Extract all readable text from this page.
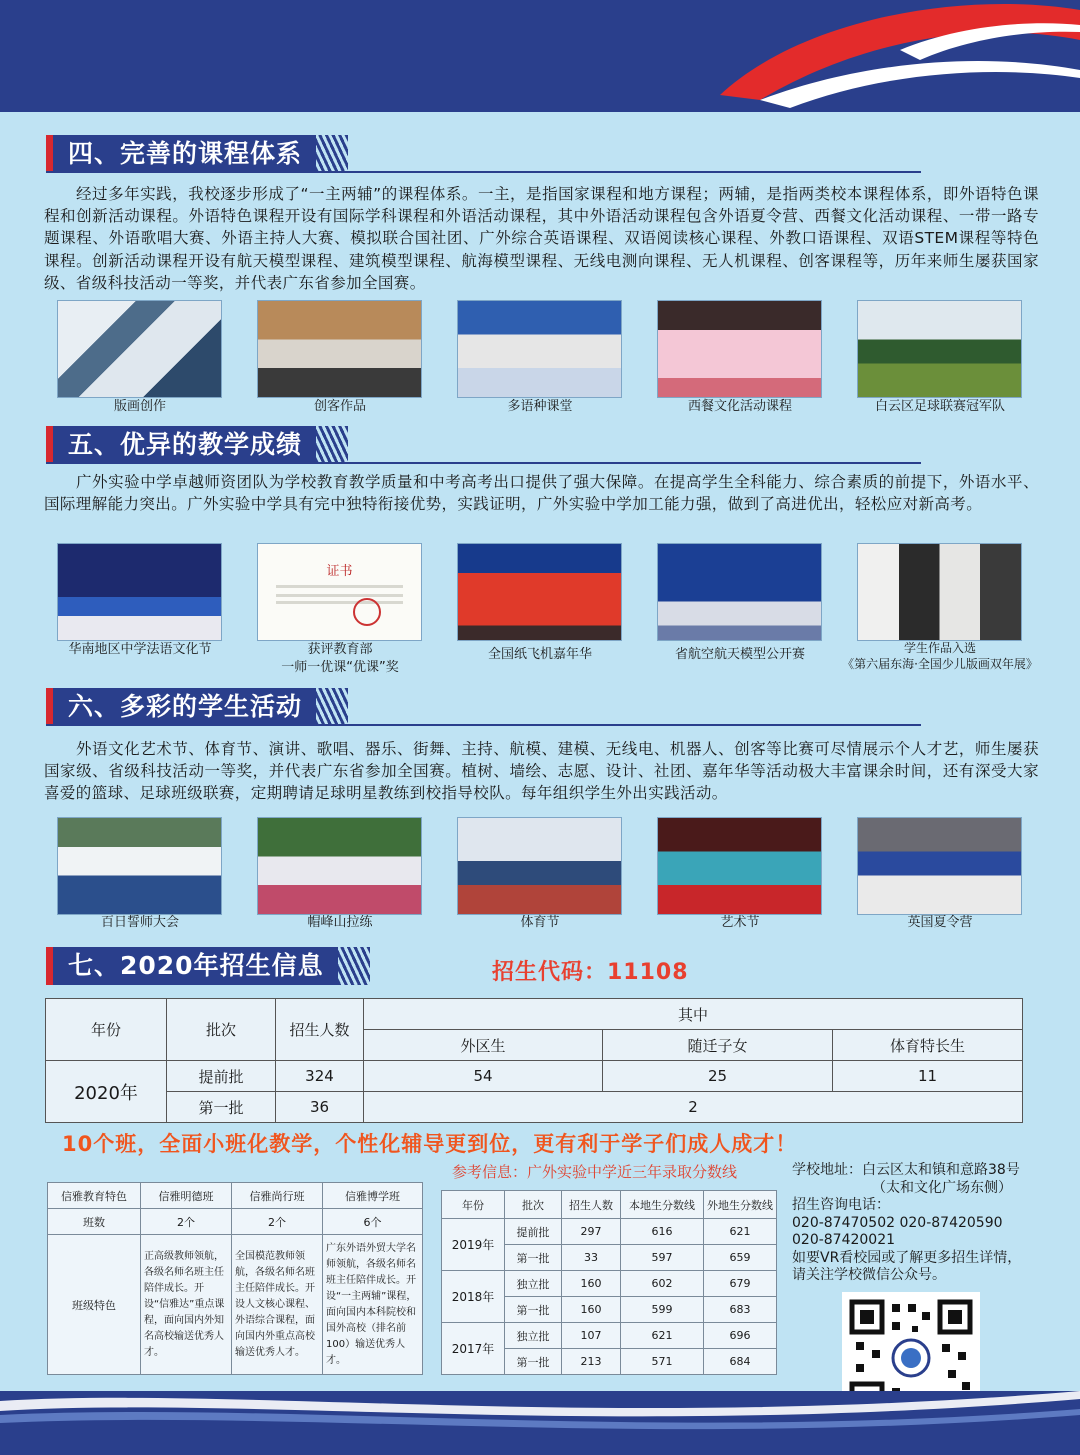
四、完善的课程体系

经过多年实践，我校逐步形成了“一主两辅”的课程体系。一主，是指国家课程和地方课程；两辅，是指两类校本课程体系，即外语特色课程和创新活动课程。外语特色课程开设有国际学科课程和外语活动课程，其中外语活动课程包含外语夏令营、西餐文化活动课程、一带一路专题课程、外语歌唱大赛、外语主持人大赛、模拟联合国社团、广外综合英语课程、双语阅读核心课程、外教口语课程、双语STEM课程等特色课程。创新活动课程开设有航天模型课程、建筑模型课程、航海模型课程、无线电测向课程、无人机课程、创客课程等，历年来师生屡获国家级、省级科技活动一等奖，并代表广东省参加全国赛。

版画创作	创客作品	多语种课堂	西餐文化活动课程	白云区足球联赛冠军队

五、优异的教学成绩

广外实验中学卓越师资团队为学校教育教学质量和中考高考出口提供了强大保障。在提高学生全科能力、综合素质的前提下，外语水平、国际理解能力突出。广外实验中学具有完中独特衔接优势，实践证明，广外实验中学加工能力强，做到了高进优出，轻松应对新高考。

证书

华南地区中学法语文化节	获评教育部

一师一优课“优课”奖

全国纸飞机嘉年华	省航空航天模型公开赛	学生作品入选

《第六届东海·全国少儿版画双年展》

六、多彩的学生活动

外语文化艺术节、体育节、演讲、歌唱、器乐、街舞、主持、航模、建模、无线电、机器人、创客等比赛可尽情展示个人才艺，师生屡获国家级、省级科技活动一等奖，并代表广东省参加全国赛。植树、墙绘、志愿、设计、社团、嘉年华等活动极大丰富课余时间，还有深受大家喜爱的篮球、足球班级联赛，定期聘请足球明星教练到校指导校队。每年组织学生外出实践活动。

百日誓师大会	帽峰山拉练	体育节	艺术节	英国夏令营

七、2020年招生信息	招生代码：11108
年份	批次	招生人数	其中		
			外区生	随迁子女	体育特长生
2020年	提前批	324	54	25	11
	第一批	36	2		
10个班，全面小班化教学，个性化辅导更到位，更有利于学子们成人成才！
参考信息：广外实验中学近三年录取分数线
信雅教育特色	信雅明德班	信雅尚行班	信雅博学班
班数	2个	2个	6个
班级特色	正高级教师领航，各级名师名班主任陪伴成长。开设“信雅达”重点课程，面向国内外知名高校输送优秀人才。	全国模范教师领航，各级名师名班主任陪伴成长。开设人文核心课程、外语综合课程，面向国内外重点高校输送优秀人才。	广东外语外贸大学名师领航，各级名师名班主任陪伴成长。开设“一主两辅”课程，面向国内本科院校和国外高校（排名前100）输送优秀人才。
年份	批次	招生人数	本地生分数线	外地生分数线
2019年	提前批	297	616	621
	第一批	33	597	659
2018年	独立批	160	602	679
	第一批	160	599	683
2017年	独立批	107	621	696
	第一批	213	571	684
学校地址：白云区太和镇和意路38号
（太和文化广场东侧）
招生咨询电话：
020-87470502 020-87420590
020-87420021
如要VR看校园或了解更多招生详情，
请关注学校微信公众号。
